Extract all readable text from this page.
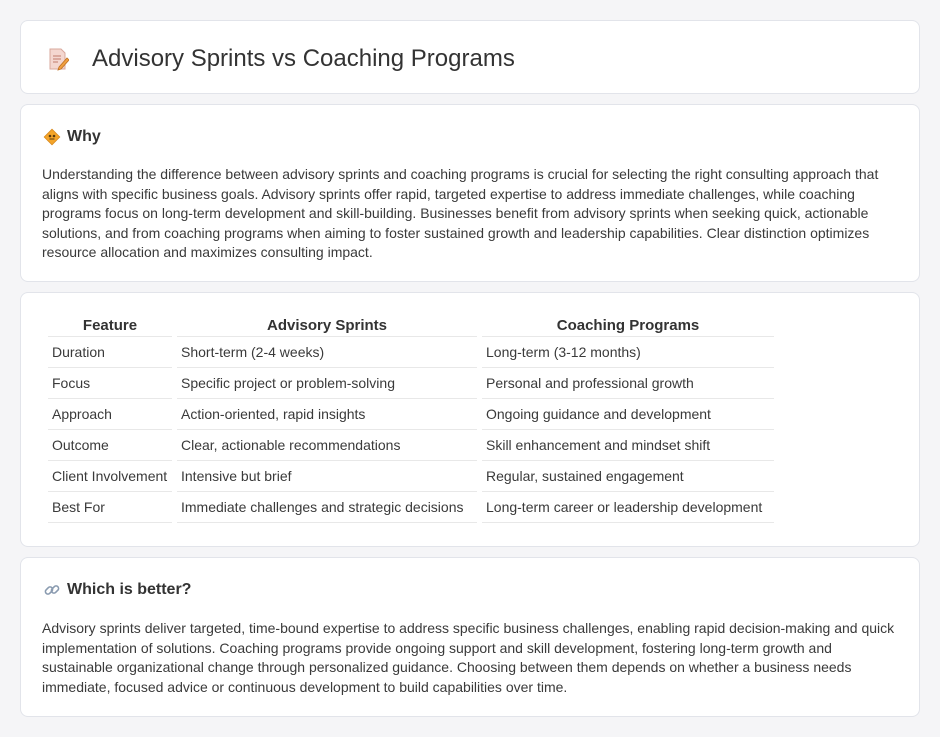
Advisory Sprints vs Coaching Programs
Why

Understanding the difference between advisory sprints and coaching programs is crucial for selecting the right consulting approach that aligns with specific business goals. Advisory sprints offer rapid, targeted expertise to address immediate challenges, while coaching programs focus on long-term development and skill-building. Businesses benefit from advisory sprints when seeking quick, actionable solutions, and from coaching programs when aiming to foster sustained growth and leadership capabilities. Clear distinction optimizes resource allocation and maximizes consulting impact.

Feature	Advisory Sprints	Coaching Programs
Duration	Short-term (2-4 weeks)	Long-term (3-12 months)
Focus	Specific project or problem-solving	Personal and professional growth
Approach	Action-oriented, rapid insights	Ongoing guidance and development
Outcome	Clear, actionable recommendations	Skill enhancement and mindset shift
Client Involvement	Intensive but brief	Regular, sustained engagement
Best For	Immediate challenges and strategic decisions	Long-term career or leadership development
Which is better?

Advisory sprints deliver targeted, time-bound expertise to address specific business challenges, enabling rapid decision-making and quick implementation of solutions. Coaching programs provide ongoing support and skill development, fostering long-term growth and sustainable organizational change through personalized guidance. Choosing between them depends on whether a business needs immediate, focused advice or continuous development to build capabilities over time.
